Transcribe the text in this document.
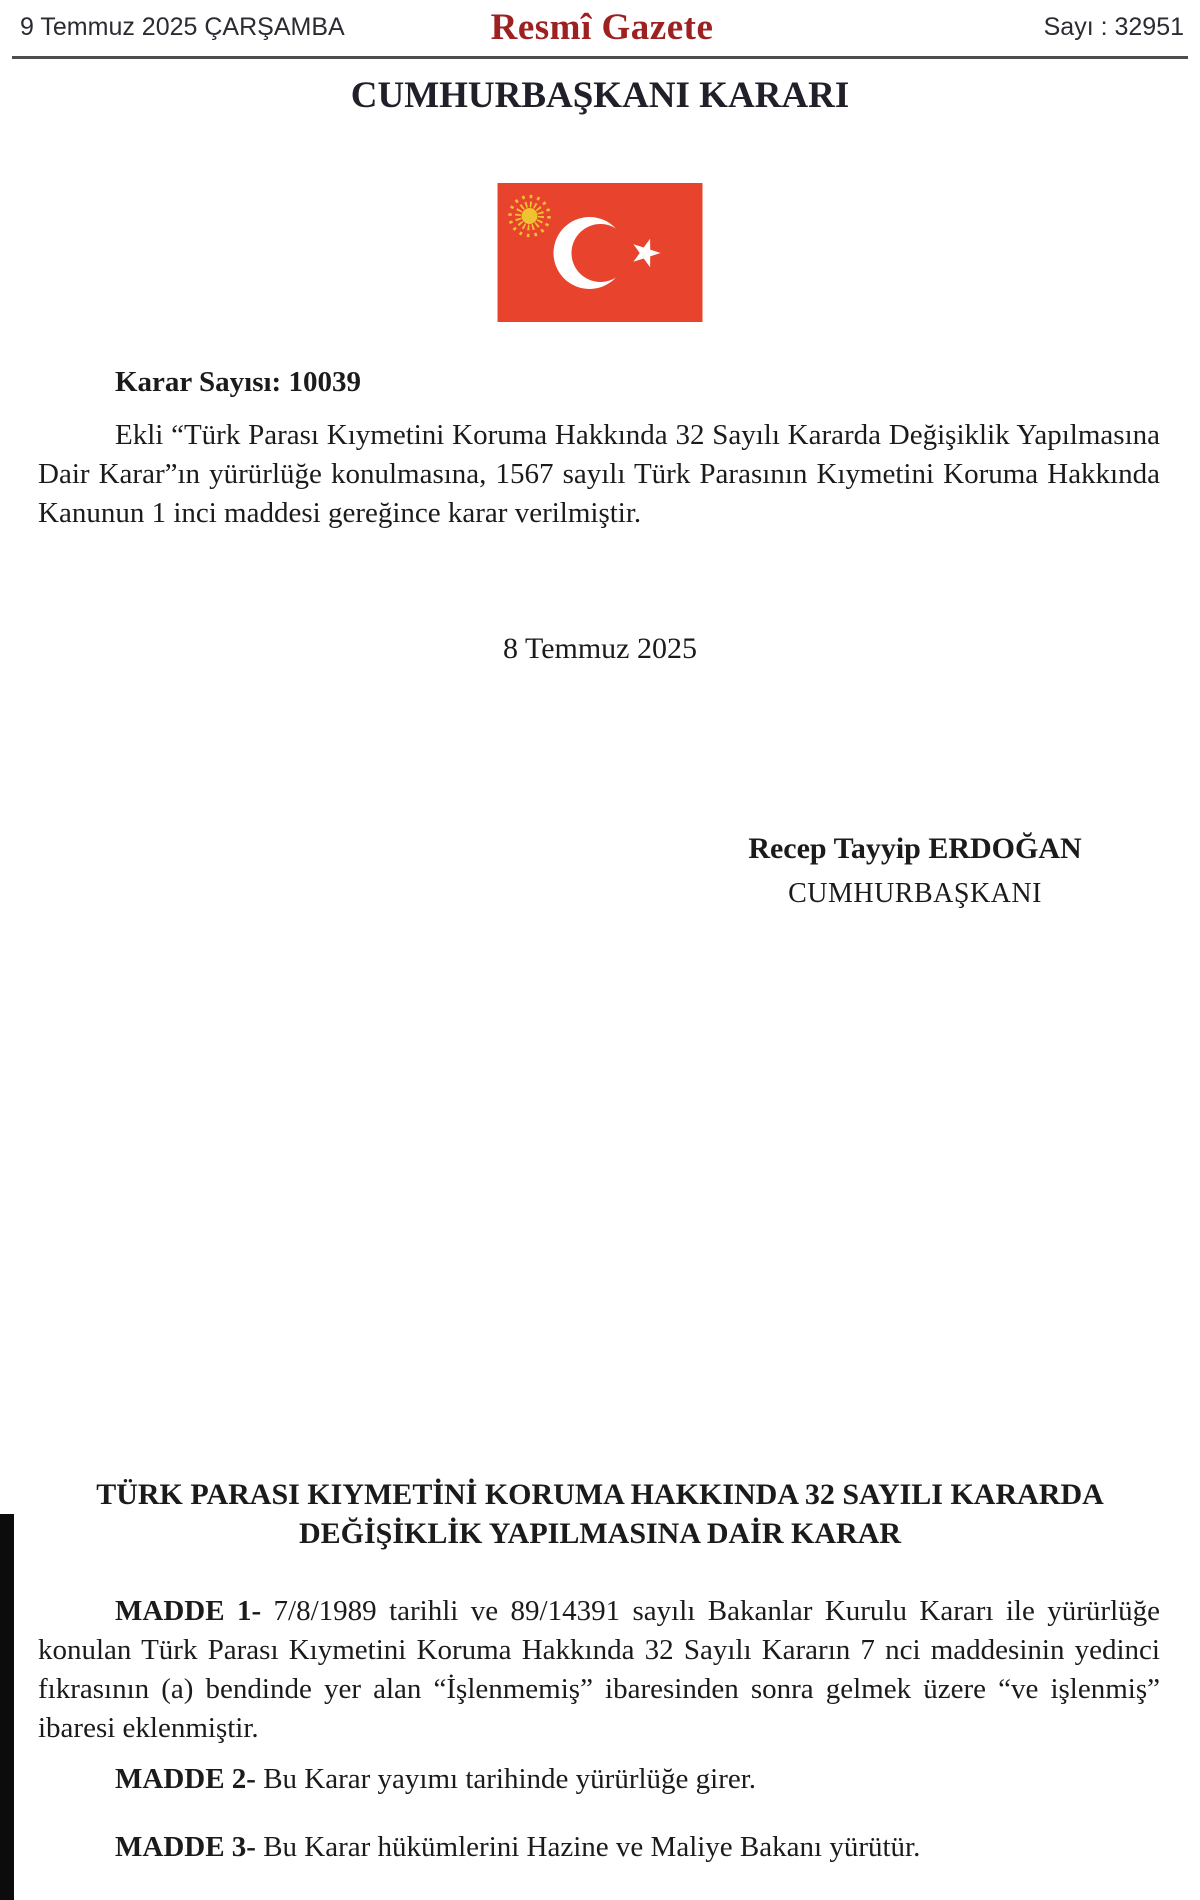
9 Temmuz 2025 ÇARŞAMBA	Resmî Gazete	Sayı : 32951
CUMHURBAŞKANI KARARI
Karar Sayısı: 10039
Ekli “Türk Parası Kıymetini Koruma Hakkında 32 Sayılı Kararda Değişiklik Yapılmasına Dair Karar”ın yürürlüğe konulmasına, 1567 sayılı Türk Parasının Kıymetini Koruma Hakkında Kanunun 1 inci maddesi gereğince karar verilmiştir.
8 Temmuz 2025
Recep Tayyip ERDOĞAN
CUMHURBAŞKANI
TÜRK PARASI KIYMETİNİ KORUMA HAKKINDA 32 SAYILI KARARDA
DEĞİŞİKLİK YAPILMASINA DAİR KARAR
MADDE 1- 7/8/1989 tarihli ve 89/14391 sayılı Bakanlar Kurulu Kararı ile yürürlüğe konulan Türk Parası Kıymetini Koruma Hakkında 32 Sayılı Kararın 7 nci maddesinin yedinci fıkrasının (a) bendinde yer alan “İşlenmemiş” ibaresinden sonra gelmek üzere “ve işlenmiş” ibaresi eklenmiştir.
MADDE 2- Bu Karar yayımı tarihinde yürürlüğe girer.
MADDE 3- Bu Karar hükümlerini Hazine ve Maliye Bakanı yürütür.
